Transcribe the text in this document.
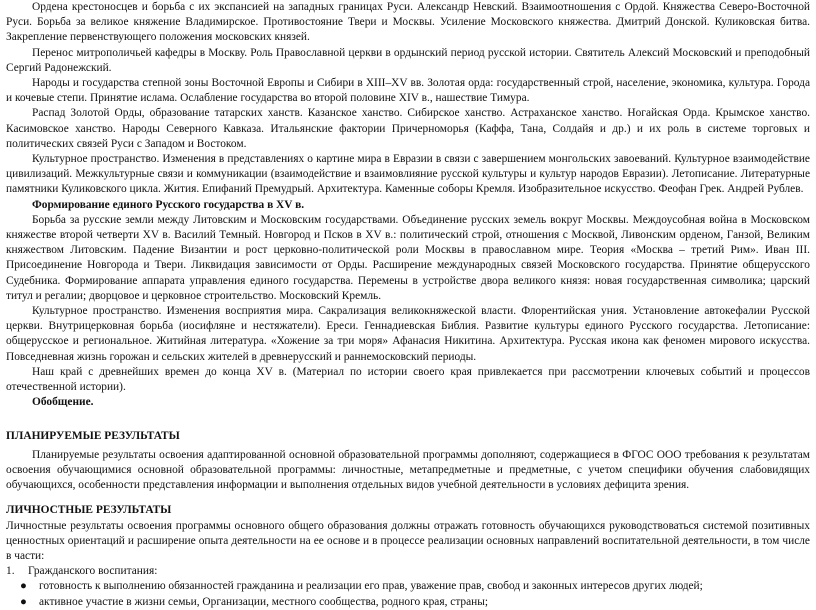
Ордена крестоносцев и борьба с их экспансией на западных границах Руси. Александр Невский. Взаимоотношения с Ордой. Княжества Северо-Восточной Руси. Борьба за великое княжение Владимирское. Противостояние Твери и Москвы. Усиление Московского княжества. Дмитрий Донской. Куликовская битва. Закрепление первенствующего положения московских князей.

Перенос митрополичьей кафедры в Москву. Роль Православной церкви в ордынский период русской истории. Святитель Алексий Московский и преподобный Сергий Радонежский.

Народы и государства степной зоны Восточной Европы и Сибири в XIII–XV вв. Золотая орда: государственный строй, население, экономика, культура. Города и кочевые степи. Принятие ислама. Ослабление государства во второй половине XIV в., нашествие Тимура.

Распад Золотой Орды, образование татарских ханств. Казанское ханство. Сибирское ханство. Астраханское ханство. Ногайская Орда. Крымское ханство. Касимовское ханство. Народы Северного Кавказа. Итальянские фактории Причерноморья (Каффа, Тана, Солдайя и др.) и их роль в системе торговых и политических связей Руси с Западом и Востоком.

Культурное пространство. Изменения в представлениях о картине мира в Евразии в связи с завершением монгольских завоеваний. Культурное взаимодействие цивилизаций. Межкультурные связи и коммуникации (взаимодействие и взаимовлияние русской культуры и культур народов Евразии). Летописание. Литературные памятники Куликовского цикла. Жития. Епифаний Премудрый. Архитектура. Каменные соборы Кремля. Изобразительное искусство. Феофан Грек. Андрей Рублев.

Формирование единого Русского государства в XV в.

Борьба за русские земли между Литовским и Московским государствами. Объединение русских земель вокруг Москвы. Междоусобная война в Московском княжестве второй четверти XV в. Василий Темный. Новгород и Псков в XV в.: политический строй, отношения с Москвой, Ливонским орденом, Ганзой, Великим княжеством Литовским. Падение Византии и рост церковно-политической роли Москвы в православном мире. Теория «Москва – третий Рим». Иван III. Присоединение Новгорода и Твери. Ликвидация зависимости от Орды. Расширение международных связей Московского государства. Принятие общерусского Судебника. Формирование аппарата управления единого государства. Перемены в устройстве двора великого князя: новая государственная символика; царский титул и регалии; дворцовое и церковное строительство. Московский Кремль.

Культурное пространство. Изменения восприятия мира. Сакрализация великокняжеской власти. Флорентийская уния. Установление автокефалии Русской церкви. Внутрицерковная борьба (иосифляне и нестяжатели). Ереси. Геннадиевская Библия. Развитие культуры единого Русского государства. Летописание: общерусское и региональное. Житийная литература. «Хожение за три моря» Афанасия Никитина. Архитектура. Русская икона как феномен мирового искусства. Повседневная жизнь горожан и сельских жителей в древнерусский и раннемосковский периоды.

Наш край с древнейших времен до конца XV в. (Материал по истории своего края привлекается при рассмотрении ключевых событий и процессов отечественной истории).

Обобщение.

ПЛАНИРУЕМЫЕ РЕЗУЛЬТАТЫ

Планируемые результаты освоения адаптированной основной образовательной программы дополняют, содержащиеся в ФГОС ООО требования к результатам освоения обучающимися основной образовательной программы: личностные, метапредметные и предметные, с учетом специфики обучения слабовидящих обучающихся, особенности представления информации и выполнения отдельных видов учебной деятельности в условиях дефицита зрения.

ЛИЧНОСТНЫЕ РЕЗУЛЬТАТЫ

Личностные результаты освоения программы основного общего образования должны отражать готовность обучающихся руководствоваться системой позитивных ценностных ориентаций и расширение опыта деятельности на ее основе и в процессе реализации основных направлений воспитательной деятельности, в том числе в части:

1. Гражданского воспитания:

● готовность к выполнению обязанностей гражданина и реализации его прав, уважение прав, свобод и законных интересов других людей;
● активное участие в жизни семьи, Организации, местного сообщества, родного края, страны;
